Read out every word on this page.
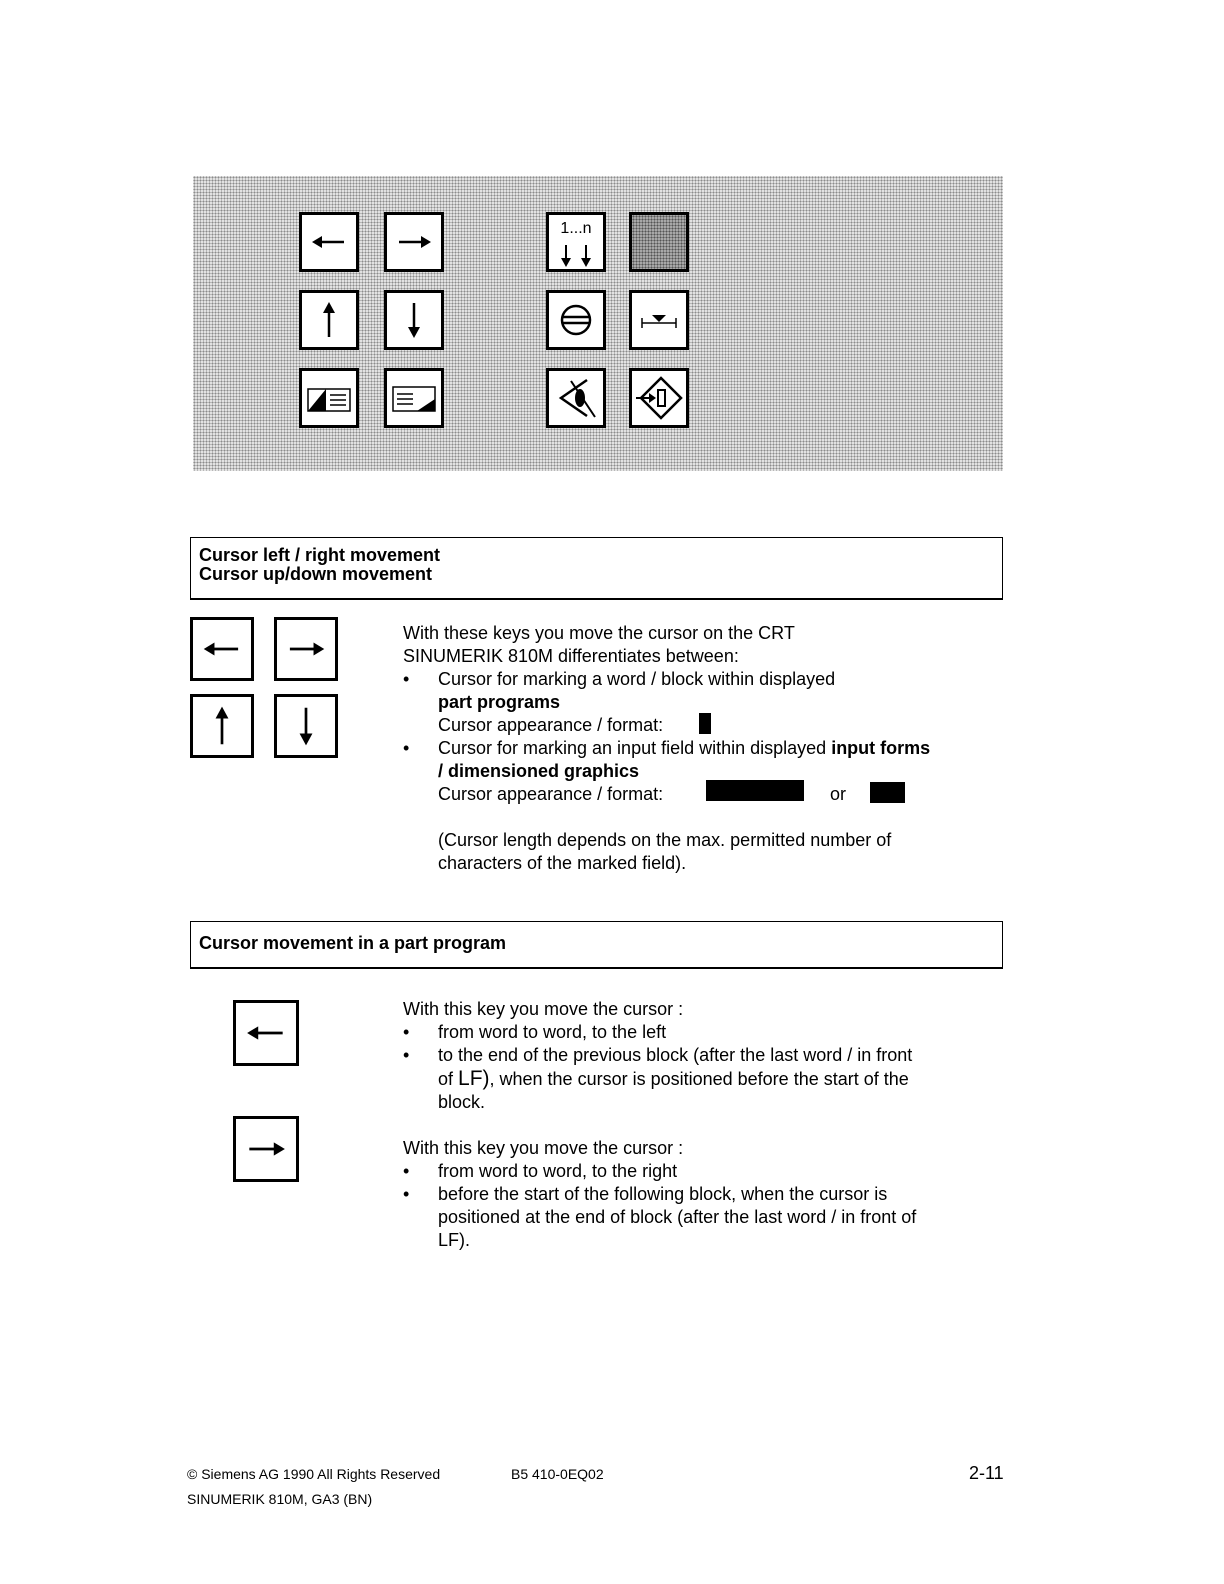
1...n
Cursor left / right movement
Cursor up/down movement

With these keys you move the cursor on the CRT

SINUMERIK 810M differentiates between:

• Cursor for marking a word / block within displayed

part programs

Cursor appearance / format:

• Cursor for marking an input field within displayed input forms

/ dimensioned graphics

Cursor appearance / format:

(Cursor length depends on the max. permitted number of

characters of the marked field).

or
Cursor movement in a part program

With this key you move the cursor :

• from word to word, to the left

• to the end of the previous block (after the last word / in front

of LF), when the cursor is positioned before the start of the

block.

With this key you move the cursor :

• from word to word, to the right

• before the start of the following block, when the cursor is

positioned at the end of block (after the last word / in front of

LF).

© Siemens AG 1990 All Rights Reserved	B5 410-0EQ02	2-11
SINUMERIK 810M, GA3 (BN)
